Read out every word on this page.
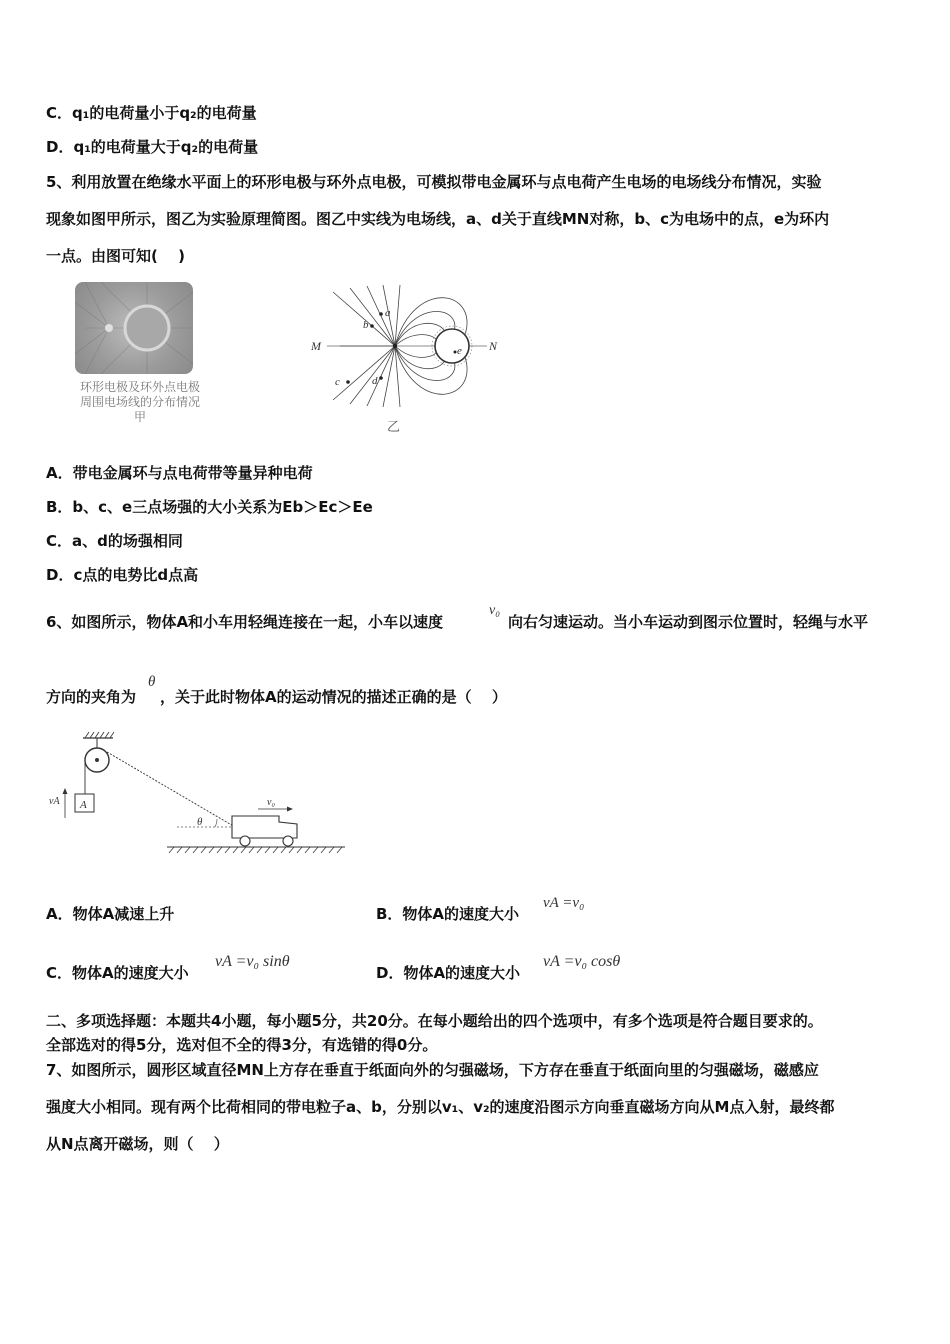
C．q₁的电荷量小于q₂的电荷量
D．q₁的电荷量大于q₂的电荷量
5、利用放置在绝缘水平面上的环形电极与环外点电极，可模拟带电金属环与点电荷产生电场的电场线分布情况，实验
现象如图甲所示，图乙为实验原理简图。图乙中实线为电场线，a、d关于直线MN对称，b、c为电场中的点，e为环内
一点。由图可知(　 )
环形电极及环外点电极
周围电场线的分布情况
甲
M	N
a
b
c	d
e
乙
A．带电金属环与点电荷带等量异种电荷
B．b、c、e三点场强的大小关系为Eb＞Ec＞Ee
C．a、d的场强相同
D．c点的电势比d点高
6、如图所示，物体A和小车用轻绳连接在一起，小车以速度
v₀
向右匀速运动。当小车运动到图示位置时，轻绳与水平
方向的夹角为
θ
，关于此时物体A的运动情况的描述正确的是（　 ）
A
vA
θ
v₀
A．物体A减速上升	B．物体A的速度大小
vA =v₀
C．物体A的速度大小
vA =v₀ sinθ
D．物体A的速度大小
vA =v₀ cosθ
二、多项选择题：本题共4小题，每小题5分，共20分。在每小题给出的四个选项中，有多个选项是符合题目要求的。
全部选对的得5分，选对但不全的得3分，有选错的得0分。
7、如图所示，圆形区域直径MN上方存在垂直于纸面向外的匀强磁场，下方存在垂直于纸面向里的匀强磁场，磁感应
强度大小相同。现有两个比荷相同的带电粒子a、b，分别以v₁、v₂的速度沿图示方向垂直磁场方向从M点入射，最终都
从N点离开磁场，则（　 ）
